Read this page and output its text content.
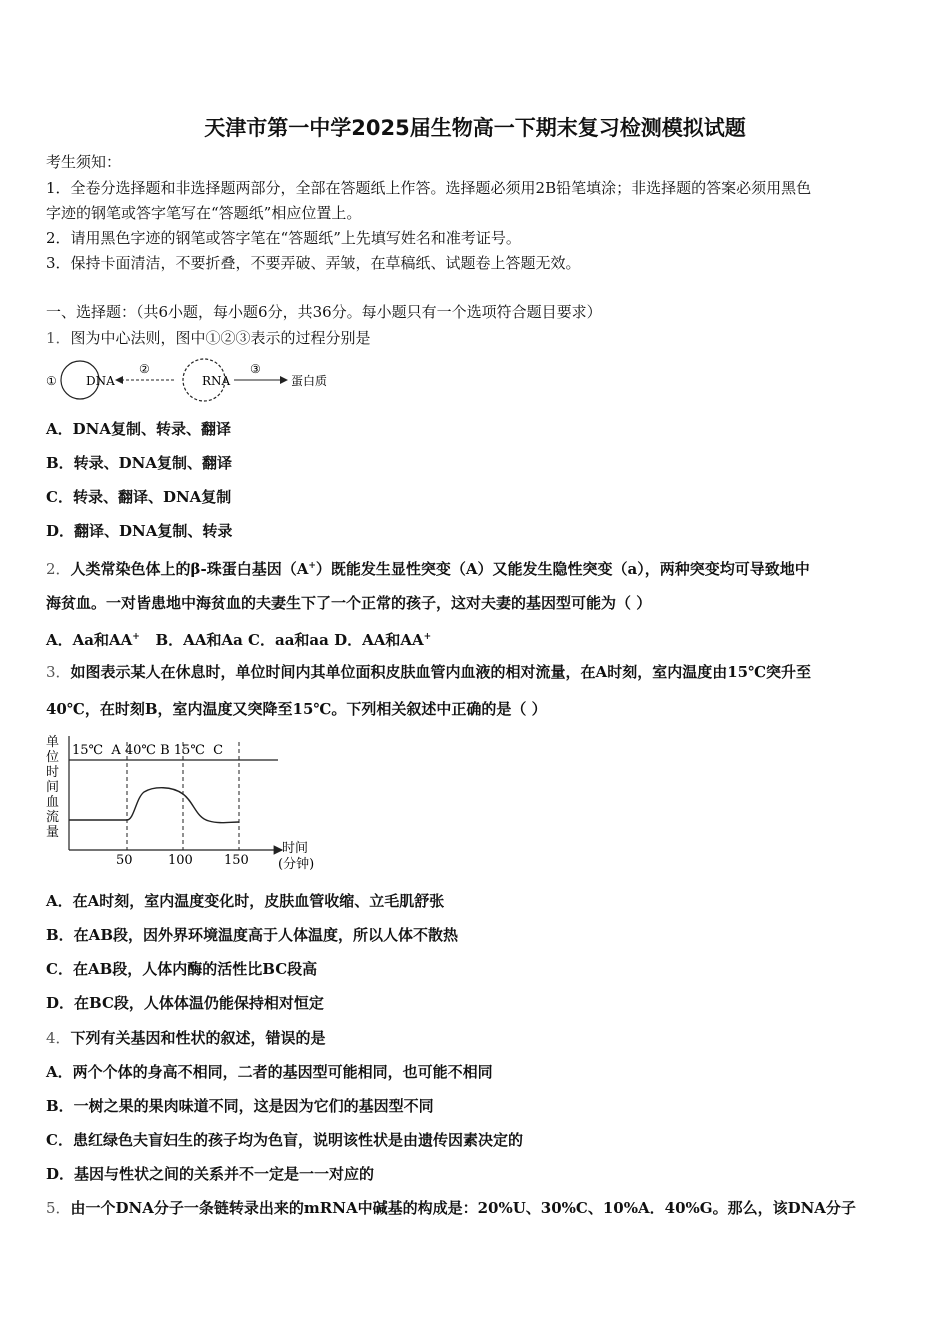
天津市第一中学2025届生物高一下期末复习检测模拟试题
考生须知：
1．全卷分选择题和非选择题两部分，全部在答题纸上作答。选择题必须用2B铅笔填涂；非选择题的答案必须用黑色
字迹的钢笔或答字笔写在“答题纸”相应位置上。
2．请用黑色字迹的钢笔或答字笔在“答题纸”上先填写姓名和准考证号。
3．保持卡面清洁，不要折叠，不要弄破、弄皱，在草稿纸、试题卷上答题无效。
一、选择题：（共6小题，每小题6分，共36分。每小题只有一个选项符合题目要求）
1．图为中心法则，图中①②③表示的过程分别是
① DNA
②
RNA
③
蛋白质
A．DNA复制、转录、翻译
B．转录、DNA复制、翻译
C．转录、翻译、DNA复制
D．翻译、DNA复制、转录
2．人类常染色体上的β-珠蛋白基因（A+）既能发生显性突变（A）又能发生隐性突变（a），两种突变均可导致地中
海贫血。一对皆患地中海贫血的夫妻生下了一个正常的孩子，这对夫妻的基因型可能为（ ）
A．Aa和AA+ B．AA和Aa C．aa和aa D．AA和AA+
3．如图表示某人在休息时，单位时间内其单位面积皮肤血管内血液的相对流量，在A时刻，室内温度由15℃突升至
40℃，在时刻B，室内温度又突降至15℃。下列相关叙述中正确的是（ ）
单
位
时
间
血
流
量
15℃  A 40℃ B 15℃  C
50	100 150
时间
(分钟)
A．在A时刻，室内温度变化时，皮肤血管收缩、立毛肌舒张
B．在AB段，因外界环境温度高于人体温度，所以人体不散热
C．在AB段，人体内酶的活性比BC段高
D．在BC段，人体体温仍能保持相对恒定
4．下列有关基因和性状的叙述，错误的是
A．两个个体的身高不相同，二者的基因型可能相同，也可能不相同
B．一树之果的果肉味道不同，这是因为它们的基因型不同
C．患红绿色夫盲妇生的孩子均为色盲，说明该性状是由遗传因素决定的
D．基因与性状之间的关系并不一定是一一对应的
5．由一个DNA分子一条链转录出来的mRNA中碱基的构成是：20%U、30%C、10%A．40%G。那么，该DNA分子
